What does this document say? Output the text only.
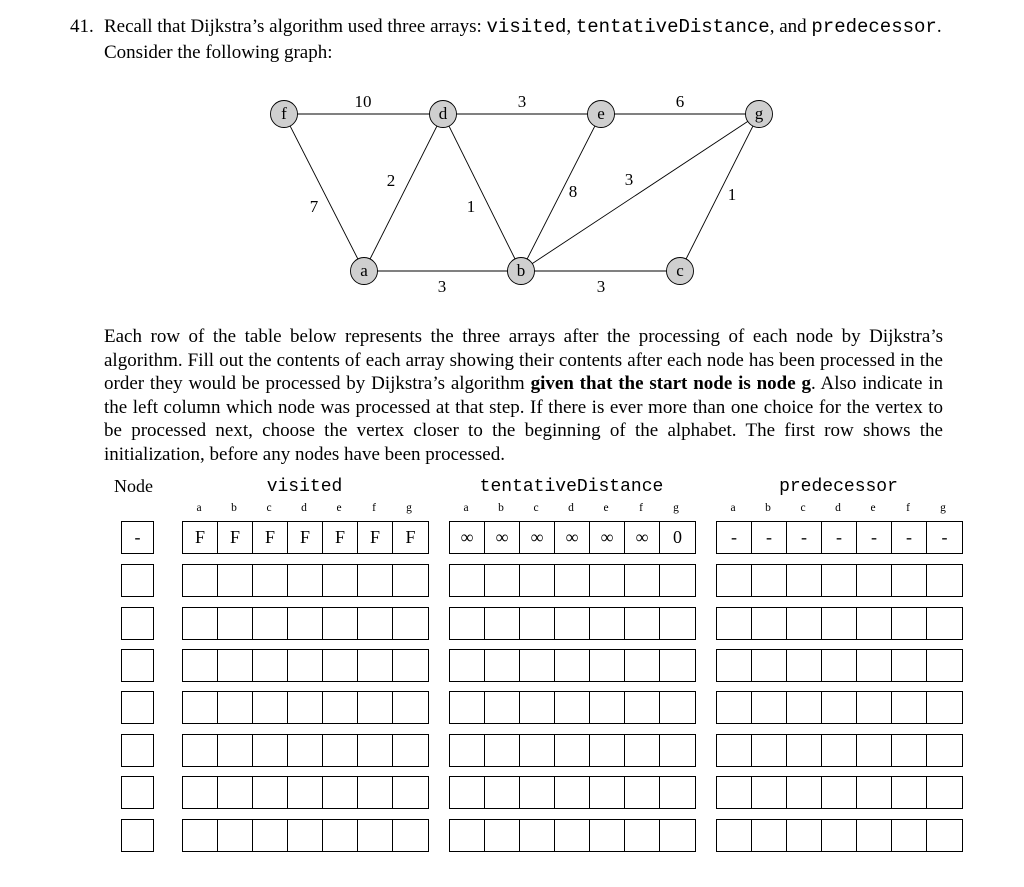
41. Recall that Dijkstra’s algorithm used three arrays: visited, tentativeDistance, and predecessor.
Consider the following graph:
10	3	6
7
2
1
8
3
1
3	3
f	d	e	g
a	b	c
Each row of the table below represents the three arrays after the processing of each node by Dijkstra’s algorithm. Fill out the contents of each array showing their contents after each node has been processed in the order they would be processed by Dijkstra’s algorithm given that the start node is node g. Also indicate in the left column which node was processed at that step. If there is ever more than one choice for the vertex to be processed next, choose the vertex closer to the beginning of the alphabet. The first row shows the initialization, before any nodes have been processed.
Node	visited	tentativeDistance	predecessor
a	b	c	d	e	f	g	a	b	c	d	e	f	g	a	b	c	d	e	f	g
-	F	F	F	F	F	F	F	∞	∞	∞	∞	∞	∞	0	-	-	-	-	-	-	-
